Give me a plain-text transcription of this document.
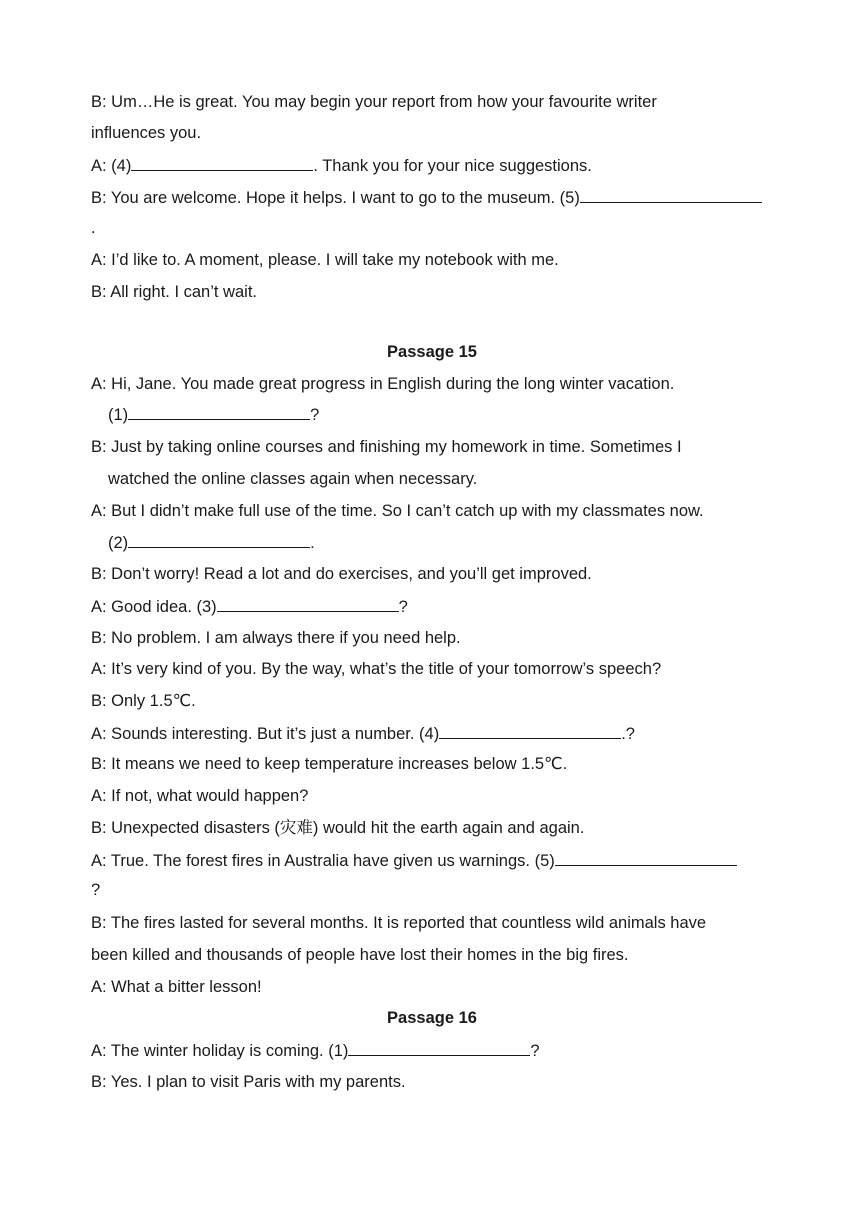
B: Um…He is great. You may begin your report from how your favourite writer
influences you.
A: (4)	. Thank you for your nice suggestions.
B: You are welcome. Hope it helps. I want to go to the museum. (5)
.
A: I’d like to. A moment, please. I will take my notebook with me.
B: All right. I can’t wait.
Passage 15
A: Hi, Jane. You made great progress in English during the long winter vacation.
(1)	?
B: Just by taking online courses and finishing my homework in time. Sometimes I
watched the online classes again when necessary.
A: But I didn’t make full use of the time. So I can’t catch up with my classmates now.
(2)	.
B: Don’t worry! Read a lot and do exercises, and you’ll get improved.
A: Good idea. (3)	?
B: No problem. I am always there if you need help.
A: It’s very kind of you. By the way, what’s the title of your tomorrow’s speech?
B: Only 1.5℃.
A: Sounds interesting. But it’s just a number. (4)	.?
B: It means we need to keep temperature increases below 1.5℃.
A: If not, what would happen?
B: Unexpected disasters (灾难) would hit the earth again and again.
A: True. The forest fires in Australia have given us warnings. (5)
?
B: The fires lasted for several months. It is reported that countless wild animals have
been killed and thousands of people have lost their homes in the big fires.
A: What a bitter lesson!
Passage 16
A: The winter holiday is coming. (1)	?
B: Yes. I plan to visit Paris with my parents.
